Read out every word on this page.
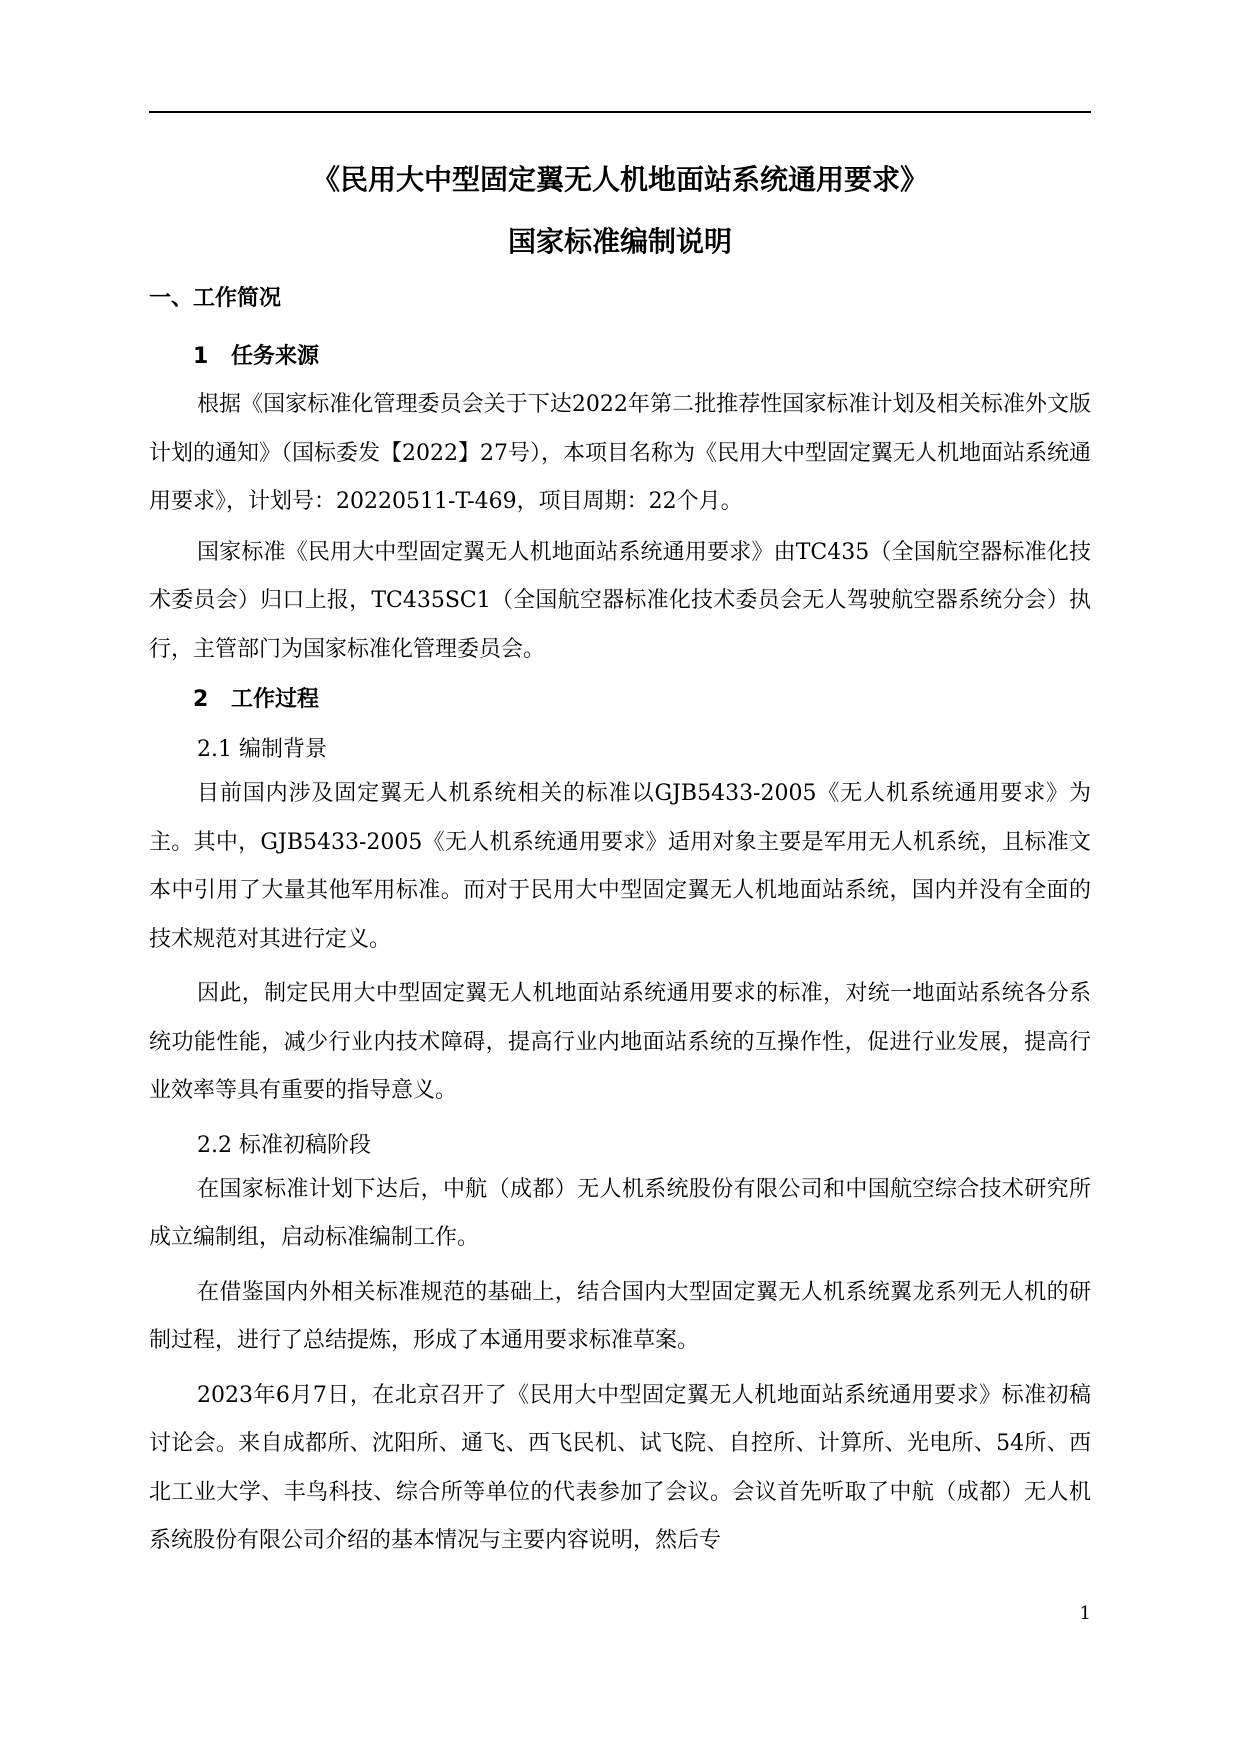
《民用大中型固定翼无人机地面站系统通用要求》
国家标准编制说明
一、工作简况
1 任务来源

根据《国家标准化管理委员会关于下达2022年第二批推荐性国家标准计划及相关标准外文版计划的通知》（国标委发【2022】27号），本项目名称为《民用大中型固定翼无人机地面站系统通用要求》，计划号：20220511-T-469，项目周期：22个月。

国家标准《民用大中型固定翼无人机地面站系统通用要求》由TC435（全国航空器标准化技术委员会）归口上报，TC435SC1（全国航空器标准化技术委员会无人驾驶航空器系统分会）执行，主管部门为国家标准化管理委员会。

2 工作过程
2.1 编制背景

目前国内涉及固定翼无人机系统相关的标准以GJB5433-2005《无人机系统通用要求》为主。其中，GJB5433-2005《无人机系统通用要求》适用对象主要是军用无人机系统，且标准文本中引用了大量其他军用标准。而对于民用大中型固定翼无人机地面站系统，国内并没有全面的技术规范对其进行定义。

因此，制定民用大中型固定翼无人机地面站系统通用要求的标准，对统一地面站系统各分系统功能性能，减少行业内技术障碍，提高行业内地面站系统的互操作性，促进行业发展，提高行业效率等具有重要的指导意义。

2.2 标准初稿阶段

在国家标准计划下达后，中航（成都）无人机系统股份有限公司和中国航空综合技术研究所成立编制组，启动标准编制工作。

在借鉴国内外相关标准规范的基础上，结合国内大型固定翼无人机系统翼龙系列无人机的研制过程，进行了总结提炼，形成了本通用要求标准草案。

2023年6月7日，在北京召开了《民用大中型固定翼无人机地面站系统通用要求》标准初稿讨论会。来自成都所、沈阳所、通飞、西飞民机、试飞院、自控所、计算所、光电所、54所、西北工业大学、丰鸟科技、综合所等单位的代表参加了会议。会议首先听取了中航（成都）无人机系统股份有限公司介绍的基本情况与主要内容说明，然后专

1
